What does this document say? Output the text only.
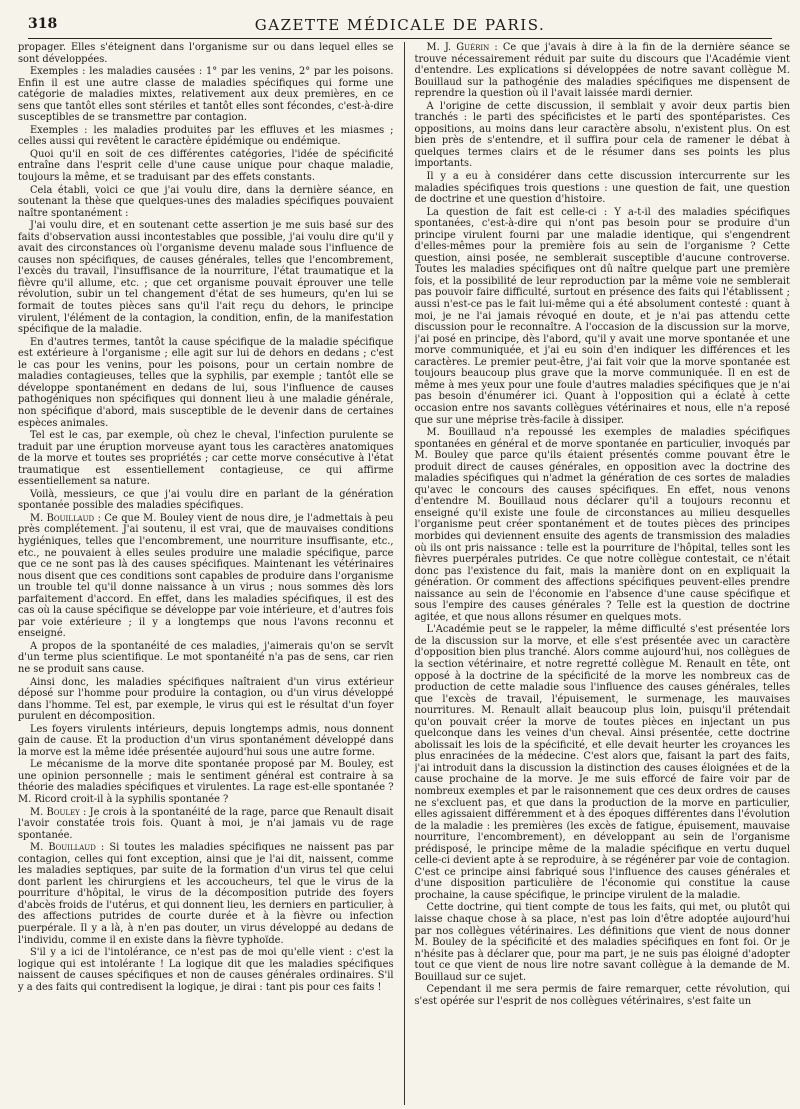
318	GAZETTE MÉDICALE DE PARIS.

propager. Elles s'éteignent dans l'organisme sur ou dans lequel elles se sont développées.

Exemples : les maladies causées : 1° par les venins, 2° par les poisons. Enfin il est une autre classe de maladies spécifiques qui forme une catégorie de maladies mixtes, relativement aux deux premières, en ce sens que tantôt elles sont stériles et tantôt elles sont fécondes, c'est-à-dire susceptibles de se transmettre par contagion.

Exemples : les maladies produites par les effluves et les miasmes ; celles aussi qui revêtent le caractère épidémique ou endémique.

Quoi qu'il en soit de ces différentes catégories, l'idée de spécificité entraîne dans l'esprit celle d'une cause unique pour chaque maladie, toujours la même, et se traduisant par des effets constants.

Cela établi, voici ce que j'ai voulu dire, dans la dernière séance, en soutenant la thèse que quelques-unes des maladies spécifiques pouvaient naître spontanément :

J'ai voulu dire, et en soutenant cette assertion je me suis basé sur des faits d'observation aussi incontestables que possible, j'ai voulu dire qu'il y avait des circonstances où l'organisme devenu malade sous l'influence de causes non spécifiques, de causes générales, telles que l'encombrement, l'excès du travail, l'insuffisance de la nourriture, l'état traumatique et la fièvre qu'il allume, etc. ; que cet organisme pouvait éprouver une telle révolution, subir un tel changement d'état de ses humeurs, qu'en lui se formait de toutes pièces sans qu'il l'ait reçu du dehors, le principe virulent, l'élément de la contagion, la condition, enfin, de la manifestation spécifique de la maladie.

En d'autres termes, tantôt la cause spécifique de la maladie spécifique est extérieure à l'organisme ; elle agit sur lui de dehors en dedans ; c'est le cas pour les venins, pour les poisons, pour un certain nombre de maladies contagieuses, telles que la syphilis, par exemple ; tantôt elle se développe spontanément en dedans de lui, sous l'influence de causes pathogéniques non spécifiques qui donnent lieu à une maladie générale, non spécifique d'abord, mais susceptible de le devenir dans de certaines espèces animales.

Tel est le cas, par exemple, où chez le cheval, l'infection purulente se traduit par une éruption morveuse ayant tous les caractères anatomiques de la morve et toutes ses propriétés ; car cette morve consécutive à l'état traumatique est essentiellement contagieuse, ce qui affirme essentiellement sa nature.

Voilà, messieurs, ce que j'ai voulu dire en parlant de la génération spontanée possible des maladies spécifiques.

M. Bouillaud : Ce que M. Bouley vient de nous dire, je l'admettais à peu près complétement. J'ai soutenu, il est vrai, que de mauvaises conditions hygiéniques, telles que l'encombrement, une nourriture insuffisante, etc., etc., ne pouvaient à elles seules produire une maladie spécifique, parce que ce ne sont pas là des causes spécifiques. Maintenant les vétérinaires nous disent que ces conditions sont capables de produire dans l'organisme un trouble tel qu'il donne naissance à un virus ; nous sommes dès lors parfaitement d'accord. En effet, dans les maladies spécifiques, il est des cas où la cause spécifique se développe par voie intérieure, et d'autres fois par voie extérieure ; il y a longtemps que nous l'avons reconnu et enseigné.

A propos de la spontanéité de ces maladies, j'aimerais qu'on se servît d'un terme plus scientifique. Le mot spontanéité n'a pas de sens, car rien ne se produit sans cause.

Ainsi donc, les maladies spécifiques naîtraient d'un virus extérieur déposé sur l'homme pour produire la contagion, ou d'un virus développé dans l'homme. Tel est, par exemple, le virus qui est le résultat d'un foyer purulent en décomposition.

Les foyers virulents intérieurs, depuis longtemps admis, nous donnent gain de cause. Et la production d'un virus spontanément développé dans la morve est la même idée présentée aujourd'hui sous une autre forme.

Le mécanisme de la morve dite spontanée proposé par M. Bouley, est une opinion personnelle ; mais le sentiment général est contraire à sa théorie des maladies spécifiques et virulentes. La rage est-elle spontanée ? M. Ricord croit-il à la syphilis spontanée ?

M. Bouley : Je crois à la spontanéité de la rage, parce que Renault disait l'avoir constatée trois fois. Quant à moi, je n'ai jamais vu de rage spontanée.

M. Bouillaud : Si toutes les maladies spécifiques ne naissent pas par contagion, celles qui font exception, ainsi que je l'ai dit, naissent, comme les maladies septiques, par suite de la formation d'un virus tel que celui dont parlent les chirurgiens et les accoucheurs, tel que le virus de la pourriture d'hôpital, le virus de la décomposition putride des foyers d'abcès froids de l'utérus, et qui donnent lieu, les derniers en particulier, à des affections putrides de courte durée et à la fièvre ou infection puerpérale. Il y a là, à n'en pas douter, un virus développé au dedans de l'individu, comme il en existe dans la fièvre typhoïde.

S'il y a ici de l'intolérance, ce n'est pas de moi qu'elle vient : c'est la logique qui est intolérante ! La logique dit que les maladies spécifiques naissent de causes spécifiques et non de causes générales ordinaires. S'il y a des faits qui contredisent la logique, je dirai : tant pis pour ces faits !

M. J. Guérin : Ce que j'avais à dire à la fin de la dernière séance se trouve nécessairement réduit par suite du discours que l'Académie vient d'entendre. Les explications si développées de notre savant collègue M. Bouillaud sur la pathogénie des maladies spécifiques me dispensent de reprendre la question où il l'avait laissée mardi dernier.

A l'origine de cette discussion, il semblait y avoir deux partis bien tranchés : le parti des spécificistes et le parti des spontéparistes. Ces oppositions, au moins dans leur caractère absolu, n'existent plus. On est bien près de s'entendre, et il suffira pour cela de ramener le débat à quelques termes clairs et de le résumer dans ses points les plus importants.

Il y a eu à considérer dans cette discussion intercurrente sur les maladies spécifiques trois questions : une question de fait, une question de doctrine et une question d'histoire.

La question de fait est celle-ci : Y a-t-il des maladies spécifiques spontanées, c'est-à-dire qui n'ont pas besoin pour se produire d'un principe virulent fourni par une maladie identique, qui s'engendrent d'elles-mêmes pour la première fois au sein de l'organisme ? Cette question, ainsi posée, ne semblerait susceptible d'aucune controverse. Toutes les maladies spécifiques ont dû naître quelque part une première fois, et la possibilité de leur reproduction par la même voie ne semblerait pas pouvoir faire difficulté, surtout en présence des faits qui l'établissent ; aussi n'est-ce pas le fait lui-même qui a été absolument contesté : quant à moi, je ne l'ai jamais révoqué en doute, et je n'ai pas attendu cette discussion pour le reconnaître. A l'occasion de la discussion sur la morve, j'ai posé en principe, dès l'abord, qu'il y avait une morve spontanée et une morve communiquée, et j'ai eu soin d'en indiquer les différences et les caractères. Le premier peut-être, j'ai fait voir que la morve spontanée est toujours beaucoup plus grave que la morve communiquée. Il en est de même à mes yeux pour une foule d'autres maladies spécifiques que je n'ai pas besoin d'énumérer ici. Quant à l'opposition qui a éclaté à cette occasion entre nos savants collègues vétérinaires et nous, elle n'a reposé que sur une méprise très-facile à dissiper.

M. Bouillaud n'a repoussé les exemples de maladies spécifiques spontanées en général et de morve spontanée en particulier, invoqués par M. Bouley que parce qu'ils étaient présentés comme pouvant être le produit direct de causes générales, en opposition avec la doctrine des maladies spécifiques qui n'admet la génération de ces sortes de maladies qu'avec le concours des causes spécifiques. En effet, nous venons d'entendre M. Bouillaud nous déclarer qu'il a toujours reconnu et enseigné qu'il existe une foule de circonstances au milieu desquelles l'organisme peut créer spontanément et de toutes pièces des principes morbides qui deviennent ensuite des agents de transmission des maladies où ils ont pris naissance : telle est la pourriture de l'hôpital, telles sont les fièvres puerpérales putrides. Ce que notre collègue contestait, ce n'était donc pas l'existence du fait, mais la manière dont on en expliquait la génération. Or comment des affections spécifiques peuvent-elles prendre naissance au sein de l'économie en l'absence d'une cause spécifique et sous l'empire des causes générales ? Telle est la question de doctrine agitée, et que nous allons résumer en quelques mots.

L'Académie peut se le rappeler, la même difficulté s'est présentée lors de la discussion sur la morve, et elle s'est présentée avec un caractère d'opposition bien plus tranché. Alors comme aujourd'hui, nos collègues de la section vétérinaire, et notre regretté collègue M. Renault en tête, ont opposé à la doctrine de la spécificité de la morve les nombreux cas de production de cette maladie sous l'influence des causes générales, telles que l'excès de travail, l'épuisement, le surmenage, les mauvaises nourritures. M. Renault allait beaucoup plus loin, puisqu'il prétendait qu'on pouvait créer la morve de toutes pièces en injectant un pus quelconque dans les veines d'un cheval. Ainsi présentée, cette doctrine abolissait les lois de la spécificité, et elle devait heurter les croyances les plus enracinées de la médecine. C'est alors que, faisant la part des faits, j'ai introduit dans la discussion la distinction des causes éloignées et de la cause prochaine de la morve. Je me suis efforcé de faire voir par de nombreux exemples et par le raisonnement que ces deux ordres de causes ne s'excluent pas, et que dans la production de la morve en particulier, elles agissaient différemment et à des époques différentes dans l'évolution de la maladie : les premières (les excès de fatigue, épuisement, mauvaise nourriture, l'encombrement), en développant au sein de l'organisme prédisposé, le principe même de la maladie spécifique en vertu duquel celle-ci devient apte à se reproduire, à se régénérer par voie de contagion. C'est ce principe ainsi fabriqué sous l'influence des causes générales et d'une disposition particulière de l'économie qui constitue la cause prochaine, la cause spécifique, le principe virulent de la maladie.

Cette doctrine, qui tient compte de tous les faits, qui met, ou plutôt qui laisse chaque chose à sa place, n'est pas loin d'être adoptée aujourd'hui par nos collègues vétérinaires. Les définitions que vient de nous donner M. Bouley de la spécificité et des maladies spécifiques en font foi. Or je n'hésite pas à déclarer que, pour ma part, je ne suis pas éloigné d'adopter tout ce que vient de nous lire notre savant collègue à la demande de M. Bouillaud sur ce sujet.

Cependant il me sera permis de faire remarquer, cette révolution, qui s'est opérée sur l'esprit de nos collègues vétérinaires, s'est faite un
